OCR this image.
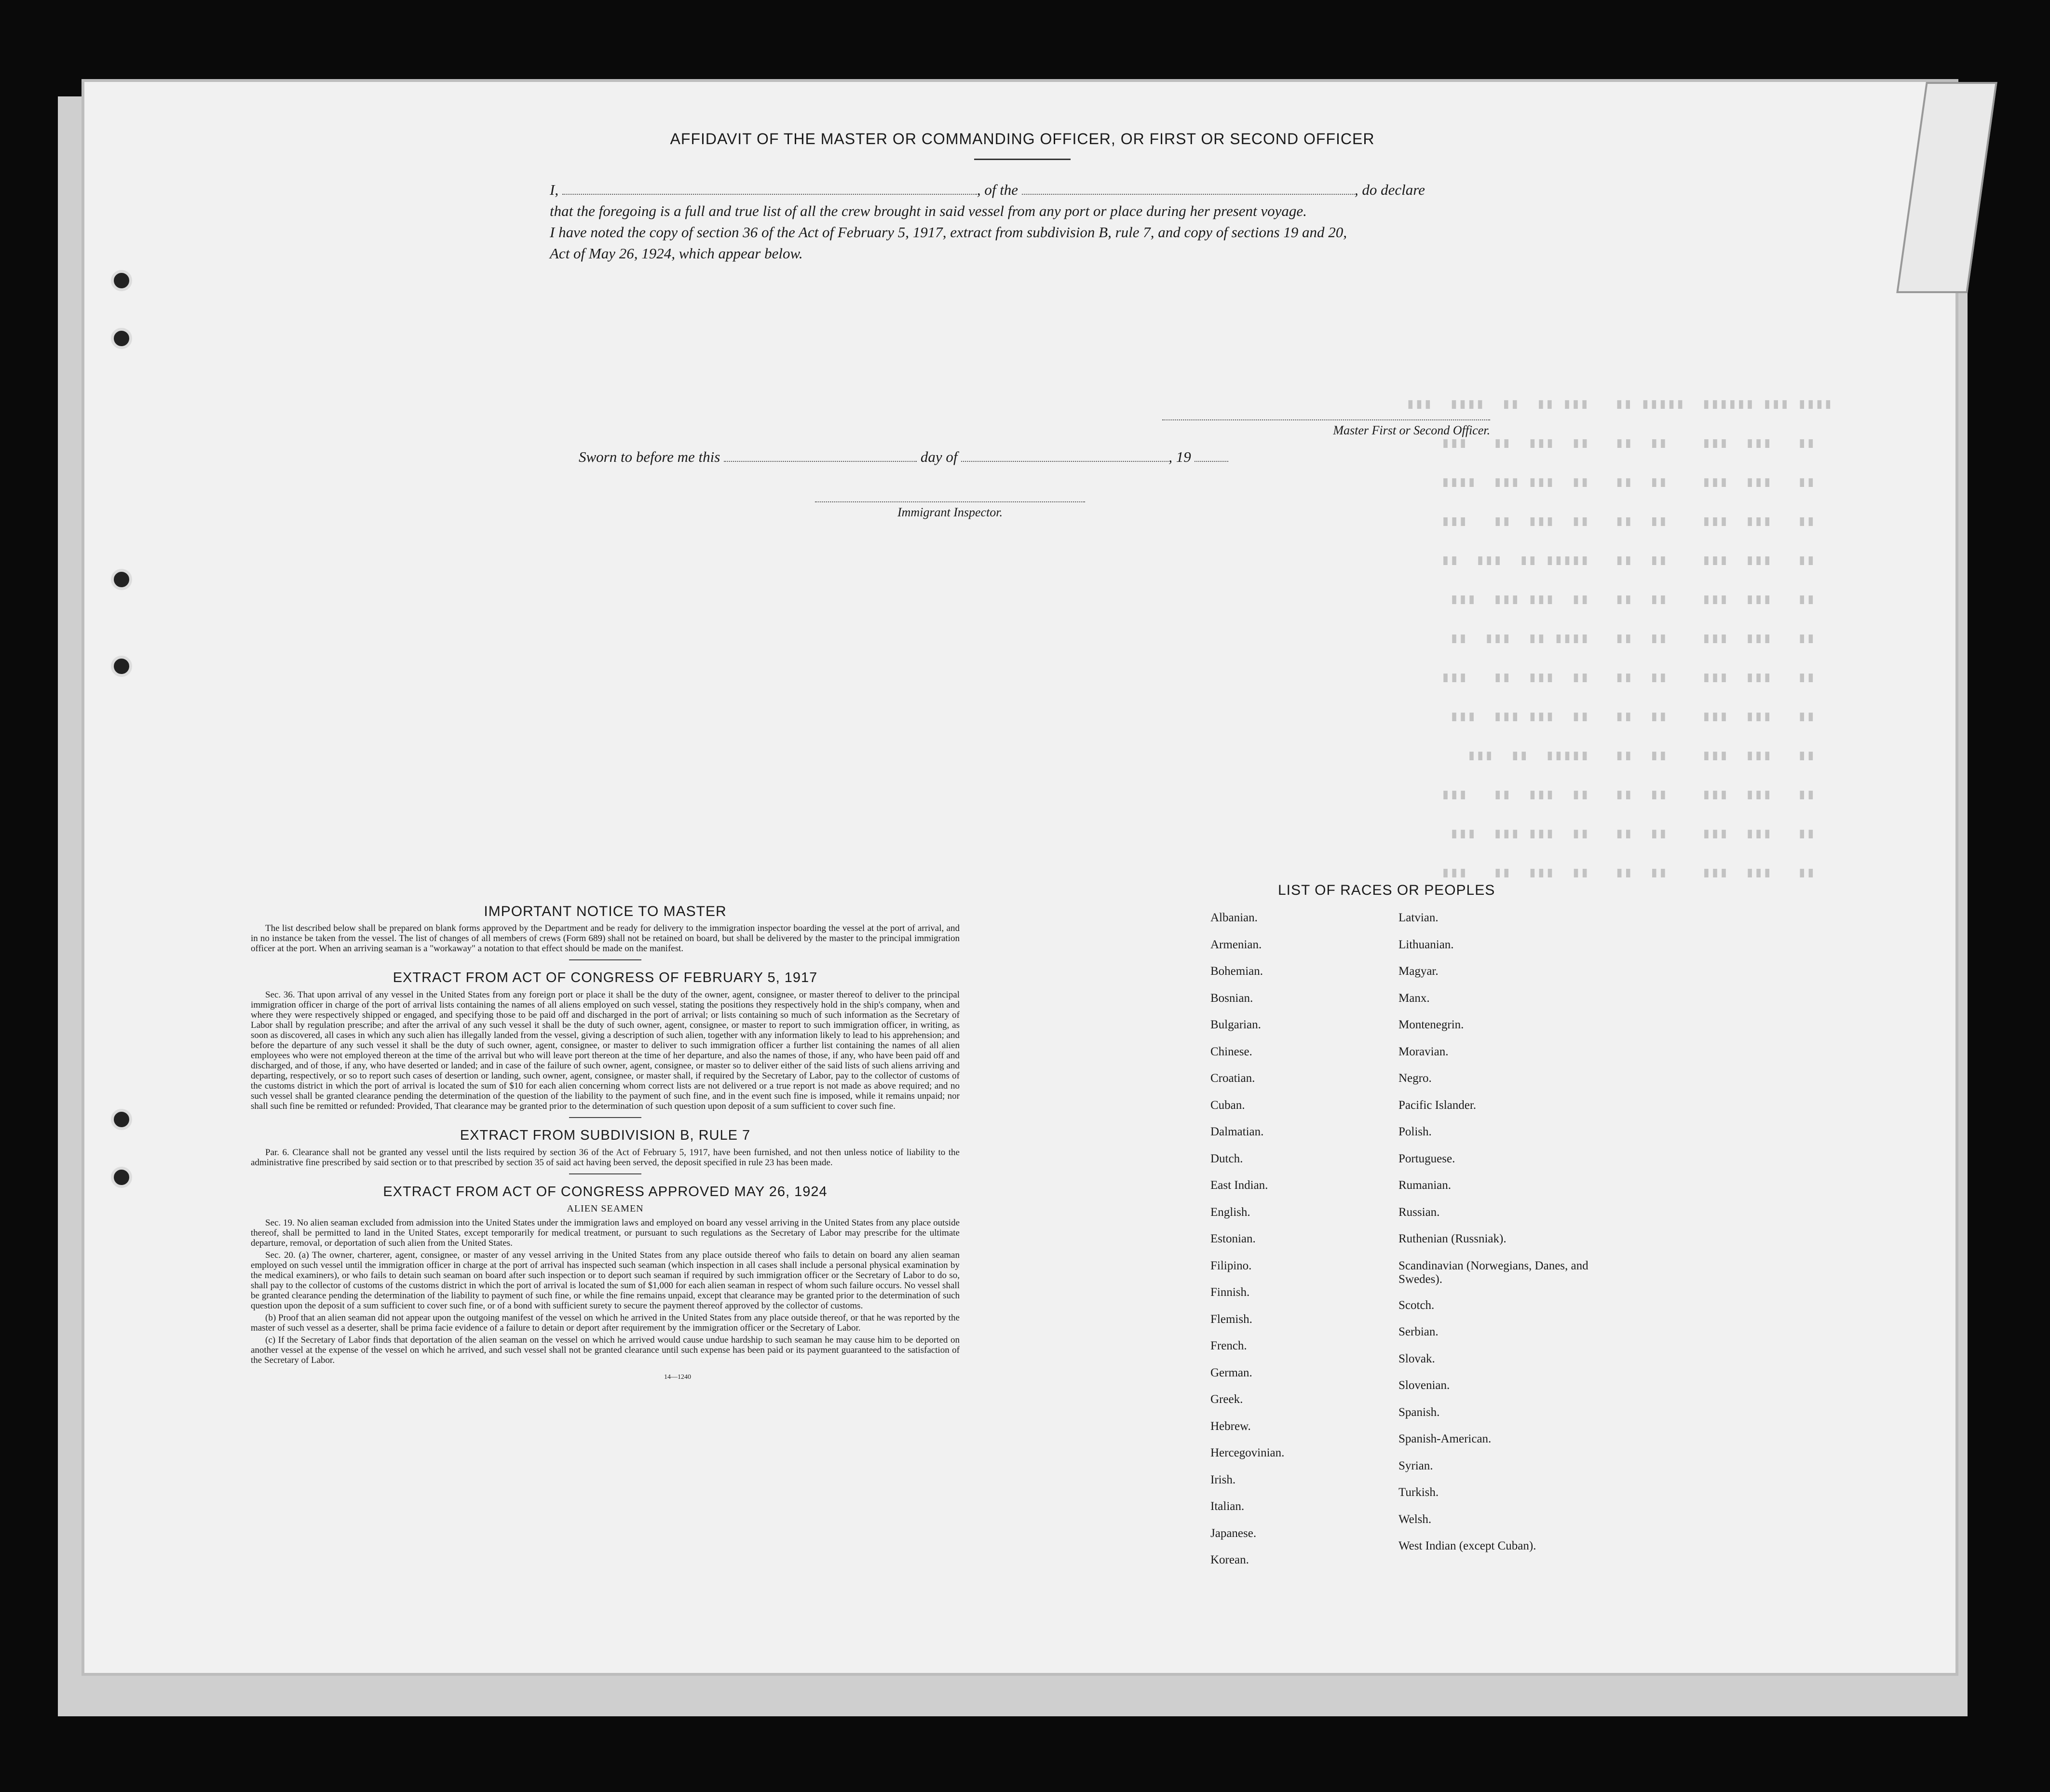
AFFIDAVIT OF THE MASTER OR COMMANDING OFFICER, OR FIRST OR SECOND OFFICER
I,	, of the	, do declare
that the foregoing is a full and true list of all the crew brought in said vessel from any port or place during her present voyage.
I have noted the copy of section 36 of the Act of February 5, 1917, extract from subdivision B, rule 7, and copy of sections 19 and 20,
Act of May 26, 1924, which appear below.
Master First or Second Officer.
Sworn to before me this	day of	, 19
Immigrant Inspector.
▮▮▮▮ ▮▮▮ ▮▮▮▮▮▮  ▮▮▮▮▮ ▮▮   ▮▮▮ ▮▮  ▮▮  ▮▮▮▮  ▮▮▮
▮▮   ▮▮▮  ▮▮▮    ▮▮  ▮▮   ▮▮  ▮▮▮  ▮▮   ▮▮▮
▮▮   ▮▮▮  ▮▮▮    ▮▮  ▮▮   ▮▮  ▮▮▮ ▮▮▮  ▮▮▮▮
▮▮   ▮▮▮  ▮▮▮    ▮▮  ▮▮   ▮▮  ▮▮▮  ▮▮   ▮▮▮
▮▮   ▮▮▮  ▮▮▮    ▮▮  ▮▮   ▮▮▮▮▮ ▮▮  ▮▮▮  ▮▮
▮▮   ▮▮▮  ▮▮▮    ▮▮  ▮▮   ▮▮  ▮▮▮ ▮▮▮  ▮▮▮
▮▮   ▮▮▮  ▮▮▮    ▮▮  ▮▮   ▮▮▮▮ ▮▮  ▮▮▮  ▮▮
▮▮   ▮▮▮  ▮▮▮    ▮▮  ▮▮   ▮▮  ▮▮▮  ▮▮   ▮▮▮
▮▮   ▮▮▮  ▮▮▮    ▮▮  ▮▮   ▮▮  ▮▮▮ ▮▮▮  ▮▮▮
▮▮   ▮▮▮  ▮▮▮    ▮▮  ▮▮   ▮▮▮▮▮  ▮▮  ▮▮▮
▮▮   ▮▮▮  ▮▮▮    ▮▮  ▮▮   ▮▮  ▮▮▮  ▮▮   ▮▮▮
▮▮   ▮▮▮  ▮▮▮    ▮▮  ▮▮   ▮▮  ▮▮▮ ▮▮▮  ▮▮▮
▮▮   ▮▮▮  ▮▮▮    ▮▮  ▮▮   ▮▮  ▮▮▮  ▮▮   ▮▮▮
IMPORTANT NOTICE TO MASTER

The list described below shall be prepared on blank forms approved by the Department and be ready for delivery to the immigration inspector boarding the vessel at the port of arrival, and in no instance be taken from the vessel. The list of changes of all members of crews (Form 689) shall not be retained on board, but shall be delivered by the master to the principal immigration officer at the port. When an arriving seaman is a "workaway" a notation to that effect should be made on the manifest.

EXTRACT FROM ACT OF CONGRESS OF FEBRUARY 5, 1917

Sec. 36. That upon arrival of any vessel in the United States from any foreign port or place it shall be the duty of the owner, agent, consignee, or master thereof to deliver to the principal immigration officer in charge of the port of arrival lists containing the names of all aliens employed on such vessel, stating the positions they respectively hold in the ship's company, when and where they were respectively shipped or engaged, and specifying those to be paid off and discharged in the port of arrival; or lists containing so much of such information as the Secretary of Labor shall by regulation prescribe; and after the arrival of any such vessel it shall be the duty of such owner, agent, consignee, or master to report to such immigration officer, in writing, as soon as discovered, all cases in which any such alien has illegally landed from the vessel, giving a description of such alien, together with any information likely to lead to his apprehension; and before the departure of any such vessel it shall be the duty of such owner, agent, consignee, or master to deliver to such immigration officer a further list containing the names of all alien employees who were not employed thereon at the time of the arrival but who will leave port thereon at the time of her departure, and also the names of those, if any, who have been paid off and discharged, and of those, if any, who have deserted or landed; and in case of the failure of such owner, agent, consignee, or master so to deliver either of the said lists of such aliens arriving and departing, respectively, or so to report such cases of desertion or landing, such owner, agent, consignee, or master shall, if required by the Secretary of Labor, pay to the collector of customs of the customs district in which the port of arrival is located the sum of $10 for each alien concerning whom correct lists are not delivered or a true report is not made as above required; and no such vessel shall be granted clearance pending the determination of the question of the liability to the payment of such fine, and in the event such fine is imposed, while it remains unpaid; nor shall such fine be remitted or refunded: Provided, That clearance may be granted prior to the determination of such question upon deposit of a sum sufficient to cover such fine.

EXTRACT FROM SUBDIVISION B, RULE 7

Par. 6. Clearance shall not be granted any vessel until the lists required by section 36 of the Act of February 5, 1917, have been furnished, and not then unless notice of liability to the administrative fine prescribed by said section or to that prescribed by section 35 of said act having been served, the deposit specified in rule 23 has been made.

EXTRACT FROM ACT OF CONGRESS APPROVED MAY 26, 1924
ALIEN SEAMEN

Sec. 19. No alien seaman excluded from admission into the United States under the immigration laws and employed on board any vessel arriving in the United States from any place outside thereof, shall be permitted to land in the United States, except temporarily for medical treatment, or pursuant to such regulations as the Secretary of Labor may prescribe for the ultimate departure, removal, or deportation of such alien from the United States.

Sec. 20. (a) The owner, charterer, agent, consignee, or master of any vessel arriving in the United States from any place outside thereof who fails to detain on board any alien seaman employed on such vessel until the immigration officer in charge at the port of arrival has inspected such seaman (which inspection in all cases shall include a personal physical examination by the medical examiners), or who fails to detain such seaman on board after such inspection or to deport such seaman if required by such immigration officer or the Secretary of Labor to do so, shall pay to the collector of customs of the customs district in which the port of arrival is located the sum of $1,000 for each alien seaman in respect of whom such failure occurs. No vessel shall be granted clearance pending the determination of the liability to payment of such fine, or while the fine remains unpaid, except that clearance may be granted prior to the determination of such question upon the deposit of a sum sufficient to cover such fine, or of a bond with sufficient surety to secure the payment thereof approved by the collector of customs.

(b) Proof that an alien seaman did not appear upon the outgoing manifest of the vessel on which he arrived in the United States from any place outside thereof, or that he was reported by the master of such vessel as a deserter, shall be prima facie evidence of a failure to detain or deport after requirement by the immigration officer or the Secretary of Labor.

(c) If the Secretary of Labor finds that deportation of the alien seaman on the vessel on which he arrived would cause undue hardship to such seaman he may cause him to be deported on another vessel at the expense of the vessel on which he arrived, and such vessel shall not be granted clearance until such expense has been paid or its payment guaranteed to the satisfaction of the Secretary of Labor.

14—1240
LIST OF RACES OR PEOPLES
Albanian.
Armenian.
Bohemian.
Bosnian.
Bulgarian.
Chinese.
Croatian.
Cuban.
Dalmatian.
Dutch.
East Indian.
English.
Estonian.
Filipino.
Finnish.
Flemish.
French.
German.
Greek.
Hebrew.
Hercegovinian.
Irish.
Italian.
Japanese.
Korean.
Latvian.
Lithuanian.
Magyar.
Manx.
Montenegrin.
Moravian.
Negro.
Pacific Islander.
Polish.
Portuguese.
Rumanian.
Russian.
Ruthenian (Russniak).
Scandinavian (Norwegians, Danes, and Swedes).
Scotch.
Serbian.
Slovak.
Slovenian.
Spanish.
Spanish-American.
Syrian.
Turkish.
Welsh.
West Indian (except Cuban).
